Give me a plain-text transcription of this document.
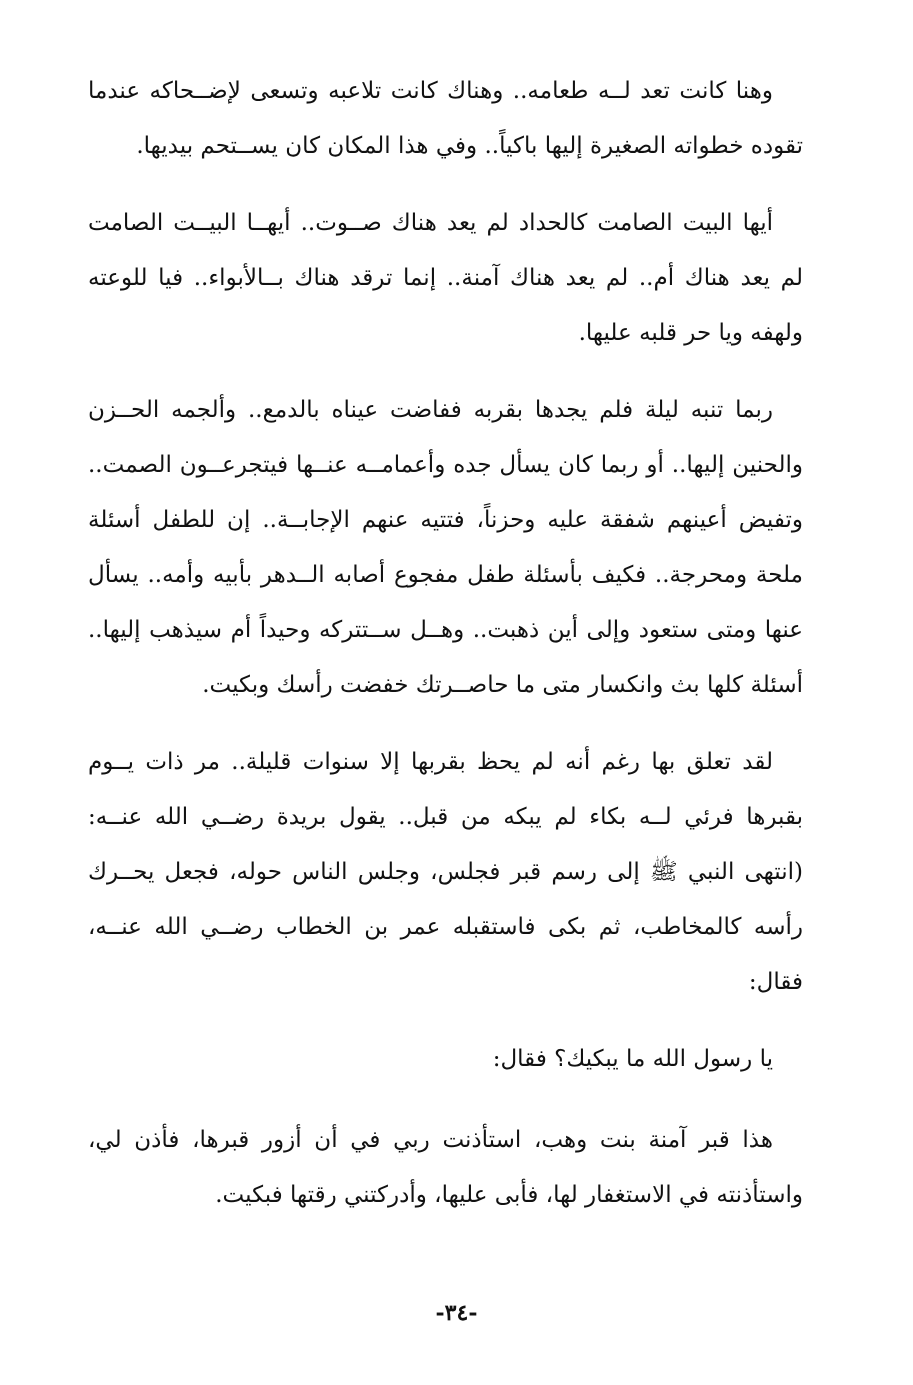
وهنا كانت تعد لــه طعامه.. وهناك كانت تلاعبه وتسعى لإضــحاكه عندما تقوده خطواته الصغيرة إليها باكياً.. وفي هذا المكان كان يســتحم بيديها.

أيها البيت الصامت كالحداد لم يعد هناك صــوت.. أيهــا البيــت الصامت لم يعد هناك أم.. لم يعد هناك آمنة.. إنما ترقد هناك بــالأبواء.. فيا للوعته ولهفه ويا حر قلبه عليها.

ربما تنبه ليلة فلم يجدها بقربه ففاضت عيناه بالدمع.. وألجمه الحــزن والحنين إليها.. أو ربما كان يسأل جده وأعمامــه عنــها فيتجرعــون الصمت.. وتفيض أعينهم شفقة عليه وحزناً، فتتيه عنهم الإجابــة.. إن للطفل أسئلة ملحة ومحرجة.. فكيف بأسئلة طفل مفجوع أصابه الــدهر بأبيه وأمه.. يسأل عنها ومتى ستعود وإلى أين ذهبت.. وهــل ســتتركه وحيداً أم سيذهب إليها.. أسئلة كلها بث وانكسار متى ما حاصــرتك خفضت رأسك وبكيت.

لقد تعلق بها رغم أنه لم يحظ بقربها إلا سنوات قليلة.. مر ذات يــوم بقبرها فرئي لــه بكاء لم يبكه من قبل.. يقول بريدة رضــي الله عنــه: (انتهى النبي ﷺ إلى رسم قبر فجلس، وجلس الناس حوله، فجعل يحــرك رأسه كالمخاطب، ثم بكى فاستقبله عمر بن الخطاب رضــي الله عنــه، فقال:

يا رسول الله ما يبكيك؟ فقال:

هذا قبر آمنة بنت وهب، استأذنت ربي في أن أزور قبرها، فأذن لي، واستأذنته في الاستغفار لها، فأبى عليها، وأدركتني رقتها فبكيت.

-٣٤-
